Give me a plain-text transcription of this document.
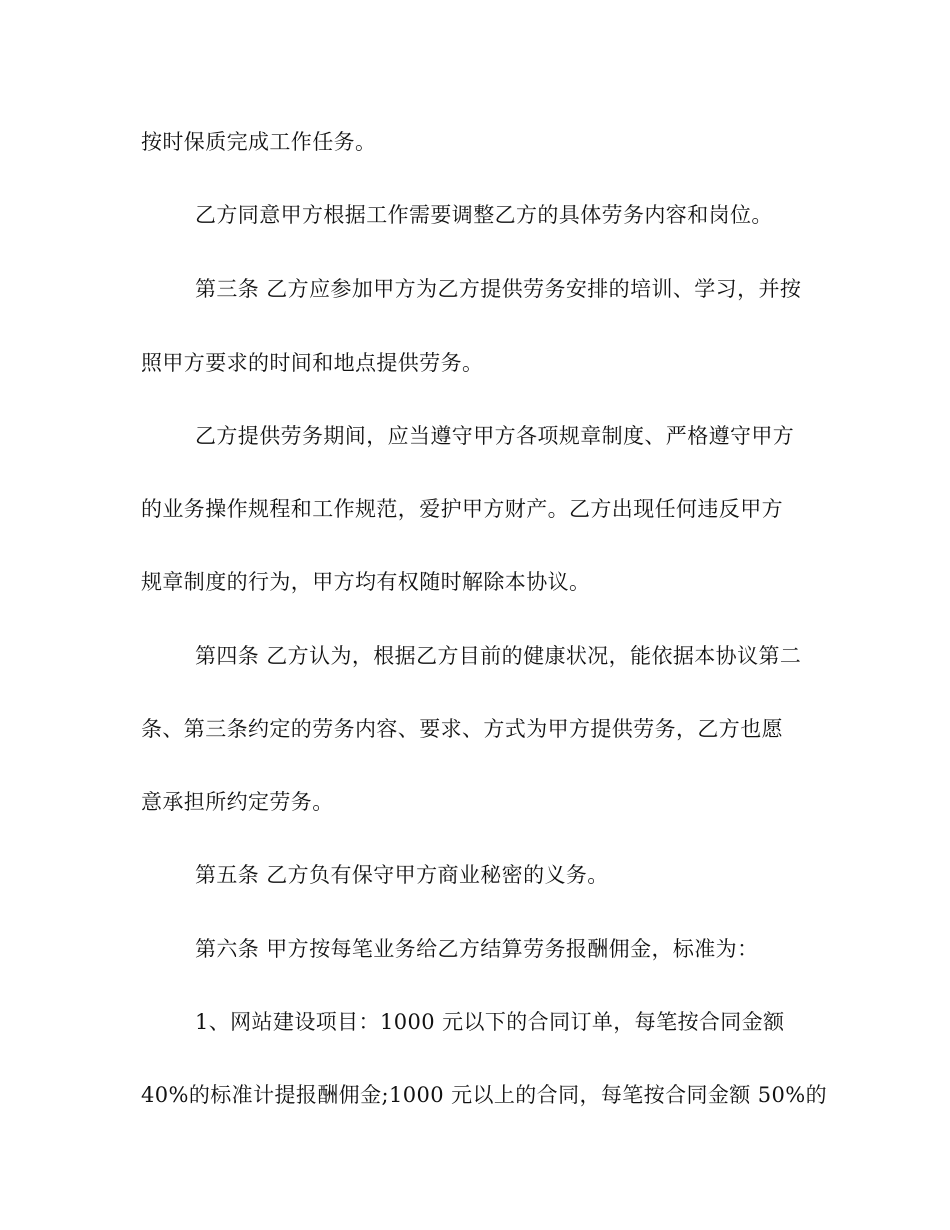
按时保质完成工作任务。
乙方同意甲方根据工作需要调整乙方的具体劳务内容和岗位。
第三条 乙方应参加甲方为乙方提供劳务安排的培训、学习，并按
照甲方要求的时间和地点提供劳务。
乙方提供劳务期间，应当遵守甲方各项规章制度、严格遵守甲方
的业务操作规程和工作规范，爱护甲方财产。乙方出现任何违反甲方
规章制度的行为，甲方均有权随时解除本协议。
第四条 乙方认为，根据乙方目前的健康状况，能依据本协议第二
条、第三条约定的劳务内容、要求、方式为甲方提供劳务，乙方也愿
意承担所约定劳务。
第五条 乙方负有保守甲方商业秘密的义务。
第六条 甲方按每笔业务给乙方结算劳务报酬佣金，标准为：
1、网站建设项目：1000 元以下的合同订单，每笔按合同金额
40%的标准计提报酬佣金;1000 元以上的合同，每笔按合同金额 50%的
